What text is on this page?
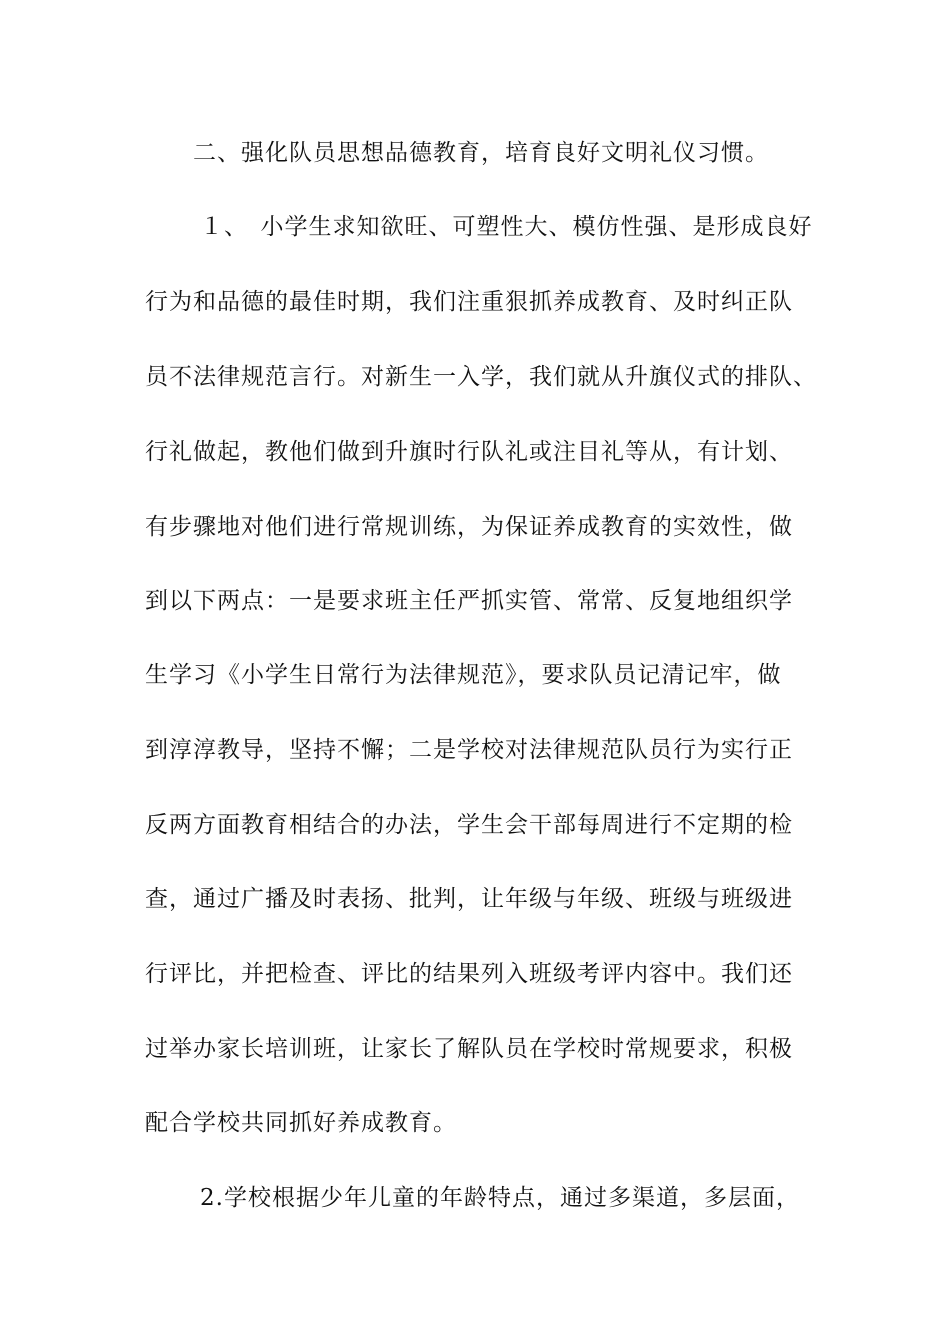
二、强化队员思想品德教育，培育良好文明礼仪习惯。
１、　小学生求知欲旺、可塑性大、模仿性强、是形成良好
行为和品德的最佳时期，我们注重狠抓养成教育、及时纠正队
员不法律规范言行。对新生一入学，我们就从升旗仪式的排队、
行礼做起，教他们做到升旗时行队礼或注目礼等从，有计划、
有步骤地对他们进行常规训练，为保证养成教育的实效性，做
到以下两点：一是要求班主任严抓实管、常常、反复地组织学
生学习《小学生日常行为法律规范》，要求队员记清记牢，做
到淳淳教导，坚持不懈；二是学校对法律规范队员行为实行正
反两方面教育相结合的办法，学生会干部每周进行不定期的检
查，通过广播及时表扬、批判，让年级与年级、班级与班级进
行评比，并把检查、评比的结果列入班级考评内容中。我们还
过举办家长培训班，让家长了解队员在学校时常规要求，积极
配合学校共同抓好养成教育。
2.学校根据少年儿童的年龄特点，通过多渠道，多层面，
